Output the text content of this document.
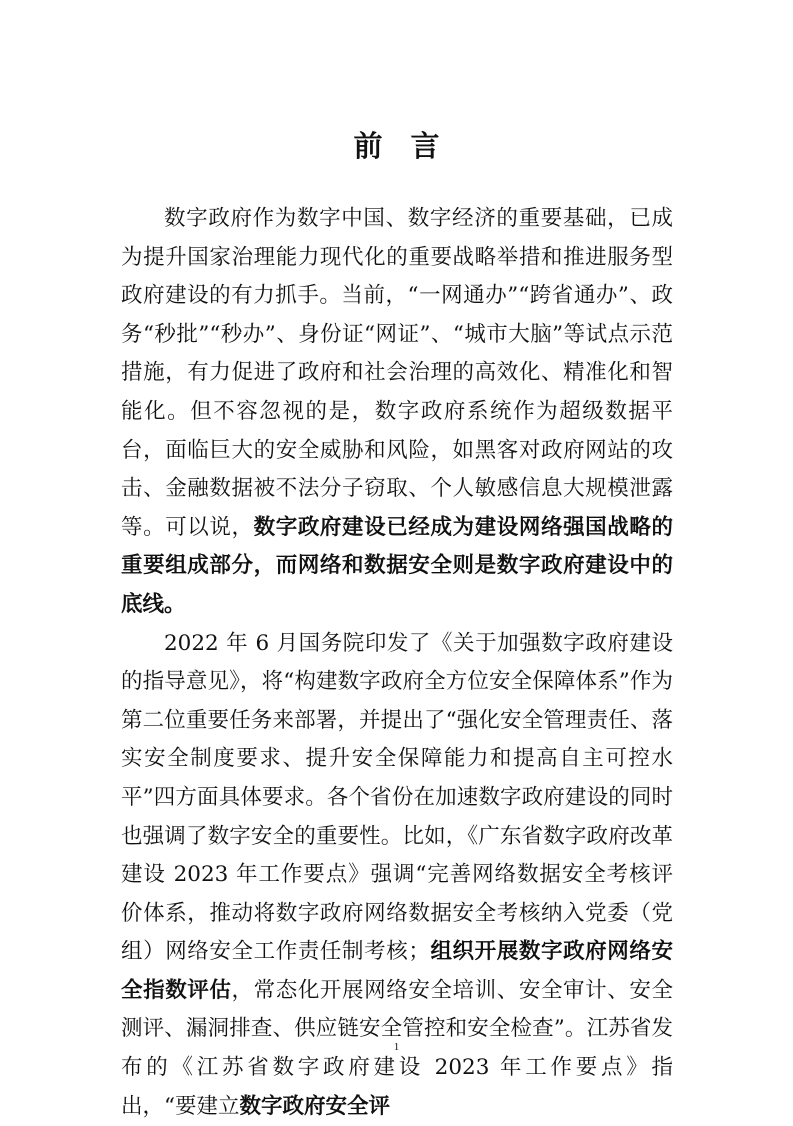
前言

数字政府作为数字中国、数字经济的重要基础，已成为提升国家治理能力现代化的重要战略举措和推进服务型政府建设的有力抓手。当前，“一网通办”“跨省通办”、政务“秒批”“秒办”、身份证“网证”、“城市大脑”等试点示范措施，有力促进了政府和社会治理的高效化、精准化和智能化。但不容忽视的是，数字政府系统作为超级数据平台，面临巨大的安全威胁和风险，如黑客对政府网站的攻击、金融数据被不法分子窃取、个人敏感信息大规模泄露等。可以说，数字政府建设已经成为建设网络强国战略的重要组成部分，而网络和数据安全则是数字政府建设中的底线。

2022 年 6 月国务院印发了《关于加强数字政府建设的指导意见》，将“构建数字政府全方位安全保障体系”作为第二位重要任务来部署，并提出了“强化安全管理责任、落实安全制度要求、提升安全保障能力和提高自主可控水平”四方面具体要求。各个省份在加速数字政府建设的同时也强调了数字安全的重要性。比如，《广东省数字政府改革建设 2023 年工作要点》强调“完善网络数据安全考核评价体系，推动将数字政府网络数据安全考核纳入党委（党组）网络安全工作责任制考核；组织开展数字政府网络安全指数评估，常态化开展网络安全培训、安全审计、安全测评、漏洞排查、供应链安全管控和安全检查”。江苏省发布的《江苏省数字政府建设 2023 年工作要点》指出，“要建立数字政府安全评

1
